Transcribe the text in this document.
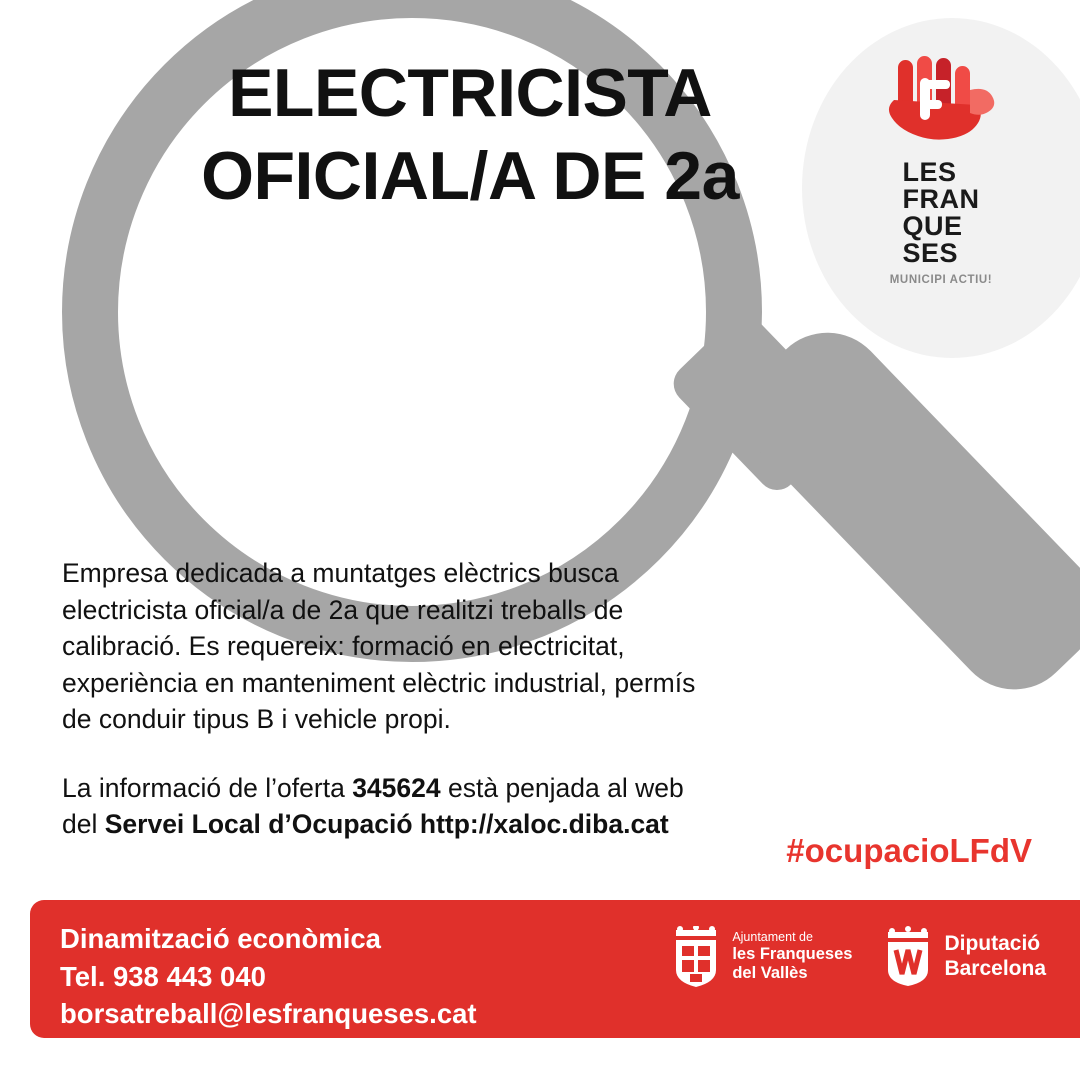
ELECTRICISTA
OFICIAL/A DE 2a	LES
FRAN
QUE
SES
MUNICIPI ACTIU!

Empresa dedicada a muntatges elèctrics busca electricista oficial/a de 2a que realitzi treballs de calibració. Es requereix: formació en electricitat, experiència en manteniment elèctric industrial, permís de conduir tipus B i vehicle propi.

La informació de l’oferta 345624 està penjada al web del Servei Local d’Ocupació http://xaloc.diba.cat

#ocupacioLFdV
Dinamització econòmica
Tel. 938 443 040
borsatreball@lesfranqueses.cat
Ajuntament de
les Franqueses
del Vallès
Diputació
Barcelona
